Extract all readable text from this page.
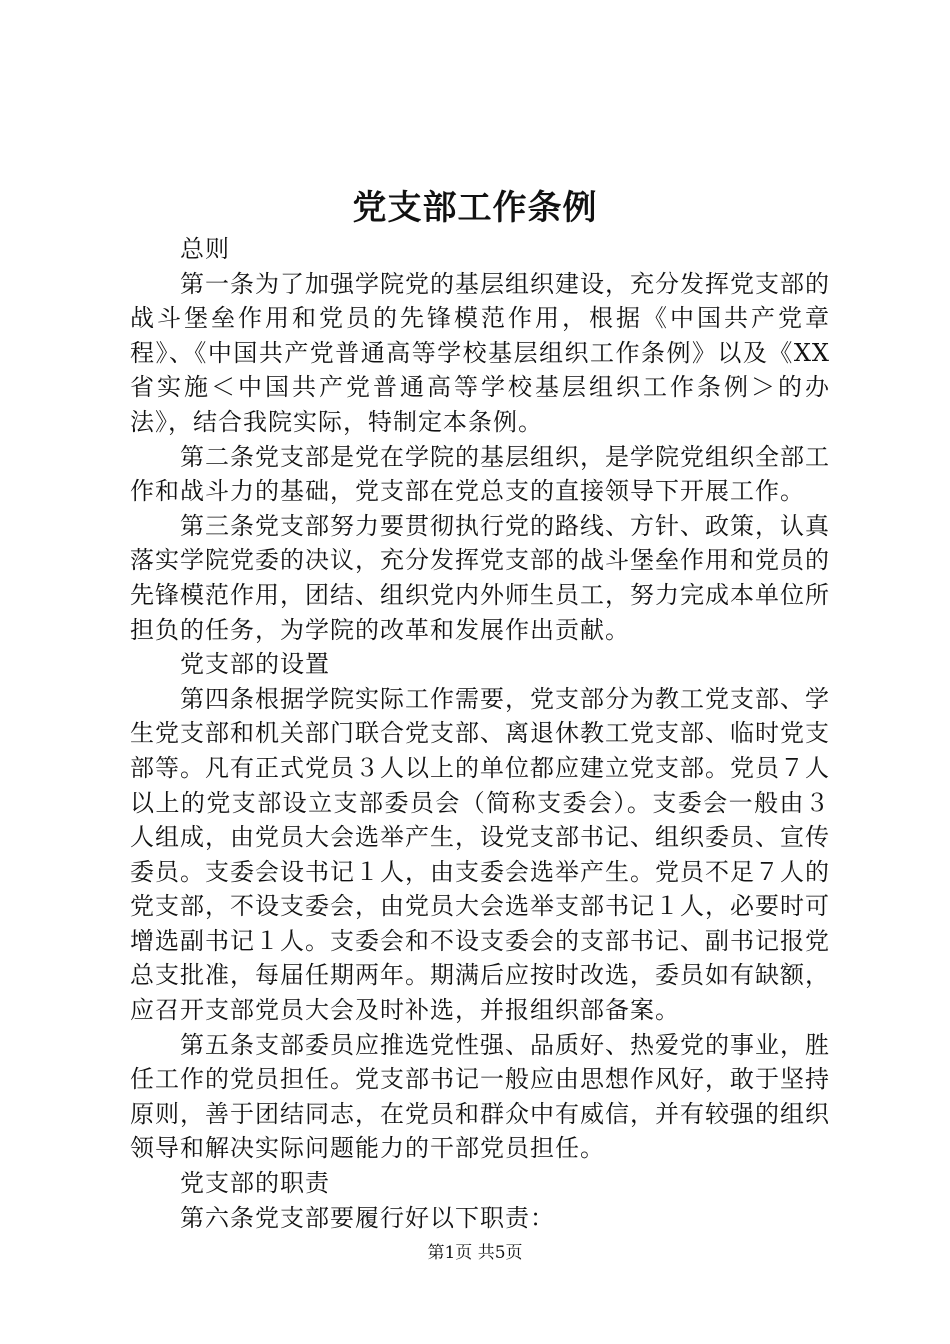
党支部工作条例

总则

第一条为了加强学院党的基层组织建设，充分发挥党支部的战斗堡垒作用和党员的先锋模范作用，根据《中国共产党章程》、《中国共产党普通高等学校基层组织工作条例》以及《XX省实施＜中国共产党普通高等学校基层组织工作条例＞的办法》，结合我院实际，特制定本条例。

第二条党支部是党在学院的基层组织，是学院党组织全部工作和战斗力的基础，党支部在党总支的直接领导下开展工作。

第三条党支部努力要贯彻执行党的路线、方针、政策，认真落实学院党委的决议，充分发挥党支部的战斗堡垒作用和党员的先锋模范作用，团结、组织党内外师生员工，努力完成本单位所担负的任务，为学院的改革和发展作出贡献。

党支部的设置

第四条根据学院实际工作需要，党支部分为教工党支部、学生党支部和机关部门联合党支部、离退休教工党支部、临时党支部等。凡有正式党员３人以上的单位都应建立党支部。党员７人以上的党支部设立支部委员会（简称支委会）。支委会一般由３人组成，由党员大会选举产生，设党支部书记、组织委员、宣传委员。支委会设书记１人，由支委会选举产生。党员不足７人的党支部，不设支委会，由党员大会选举支部书记１人，必要时可增选副书记１人。支委会和不设支委会的支部书记、副书记报党总支批准，每届任期两年。期满后应按时改选，委员如有缺额，应召开支部党员大会及时补选，并报组织部备案。

第五条支部委员应推选党性强、品质好、热爱党的事业，胜任工作的党员担任。党支部书记一般应由思想作风好，敢于坚持原则，善于团结同志，在党员和群众中有威信，并有较强的组织领导和解决实际问题能力的干部党员担任。

党支部的职责

第六条党支部要履行好以下职责：

第1页 共5页
